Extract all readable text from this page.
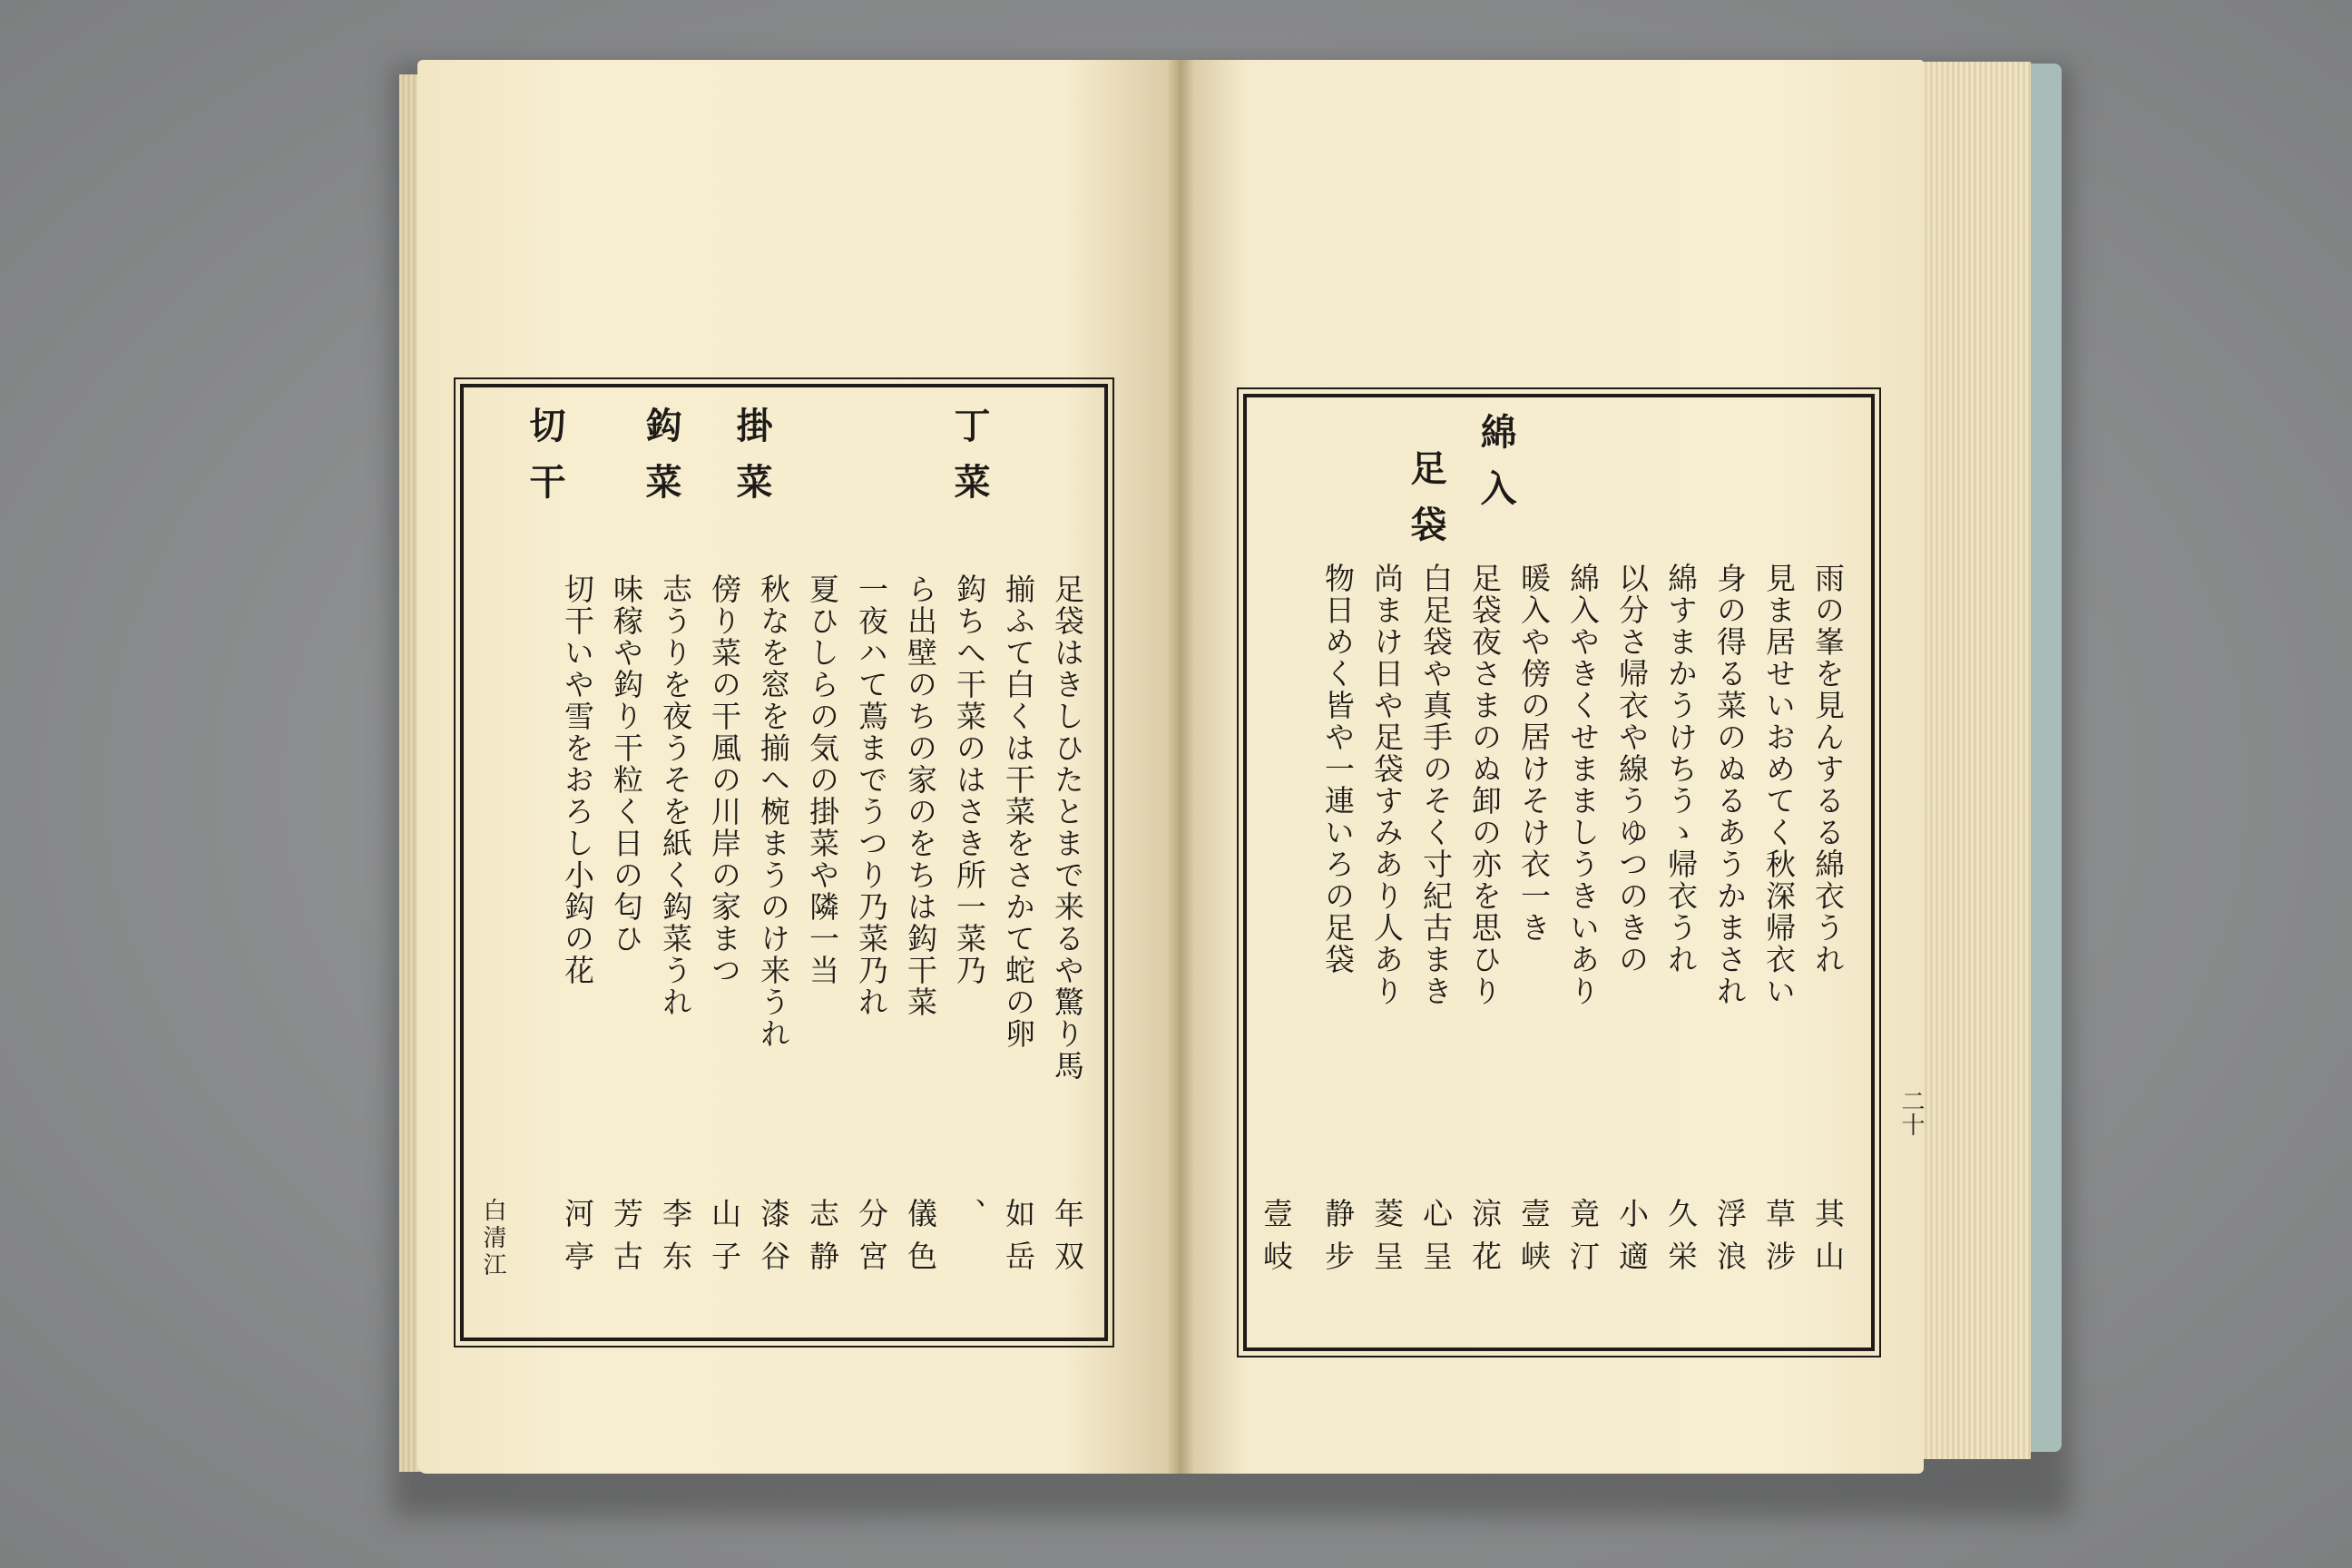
丁菜
掛菜
鈎菜
切干
足袋はきしひたとまで来るや驚り馬
揃ふて白くは干菜をさかて蛇の卵
鈎ちへ干菜のはさき所一菜乃
ら出壁のちの家のをちは鈎干菜
一夜ハて蔦までうつり乃菜乃れ
夏ひしらの気の掛菜や隣一当
秋なを窓を揃へ椀まうのけ来うれ
傍り菜の干風の川岸の家まつ
志うりを夜うそを紙く鈎菜うれ
味稼や鈎り干粒く日の匂ひ
切干いや雪をおろし小鈎の花
年双
如岳
、
儀色
分宮
志静
漆谷
山子
李东
芳古
河亭
白清江
綿入
足袋
雨の峯を見んするる綿衣うれ
見ま居せいおめてく秋深帰衣い
身の得る菜のぬるあうかまされ
綿すまかうけちうゝ帰衣うれ
以分さ帰衣や線うゆつのきの
綿入やきくせまましうきいあり
暖入や傍の居けそけ衣一き
足袋夜さまのぬ卸の亦を思ひり
白足袋や真手のそく寸紀古まき
尚まけ日や足袋すみあり人あり
物日めく皆や一連いろの足袋
其山
草涉
浮浪
久栄
小適
竟汀
壹峡
涼花
心呈
菱呈
静步
壹岐
二十
